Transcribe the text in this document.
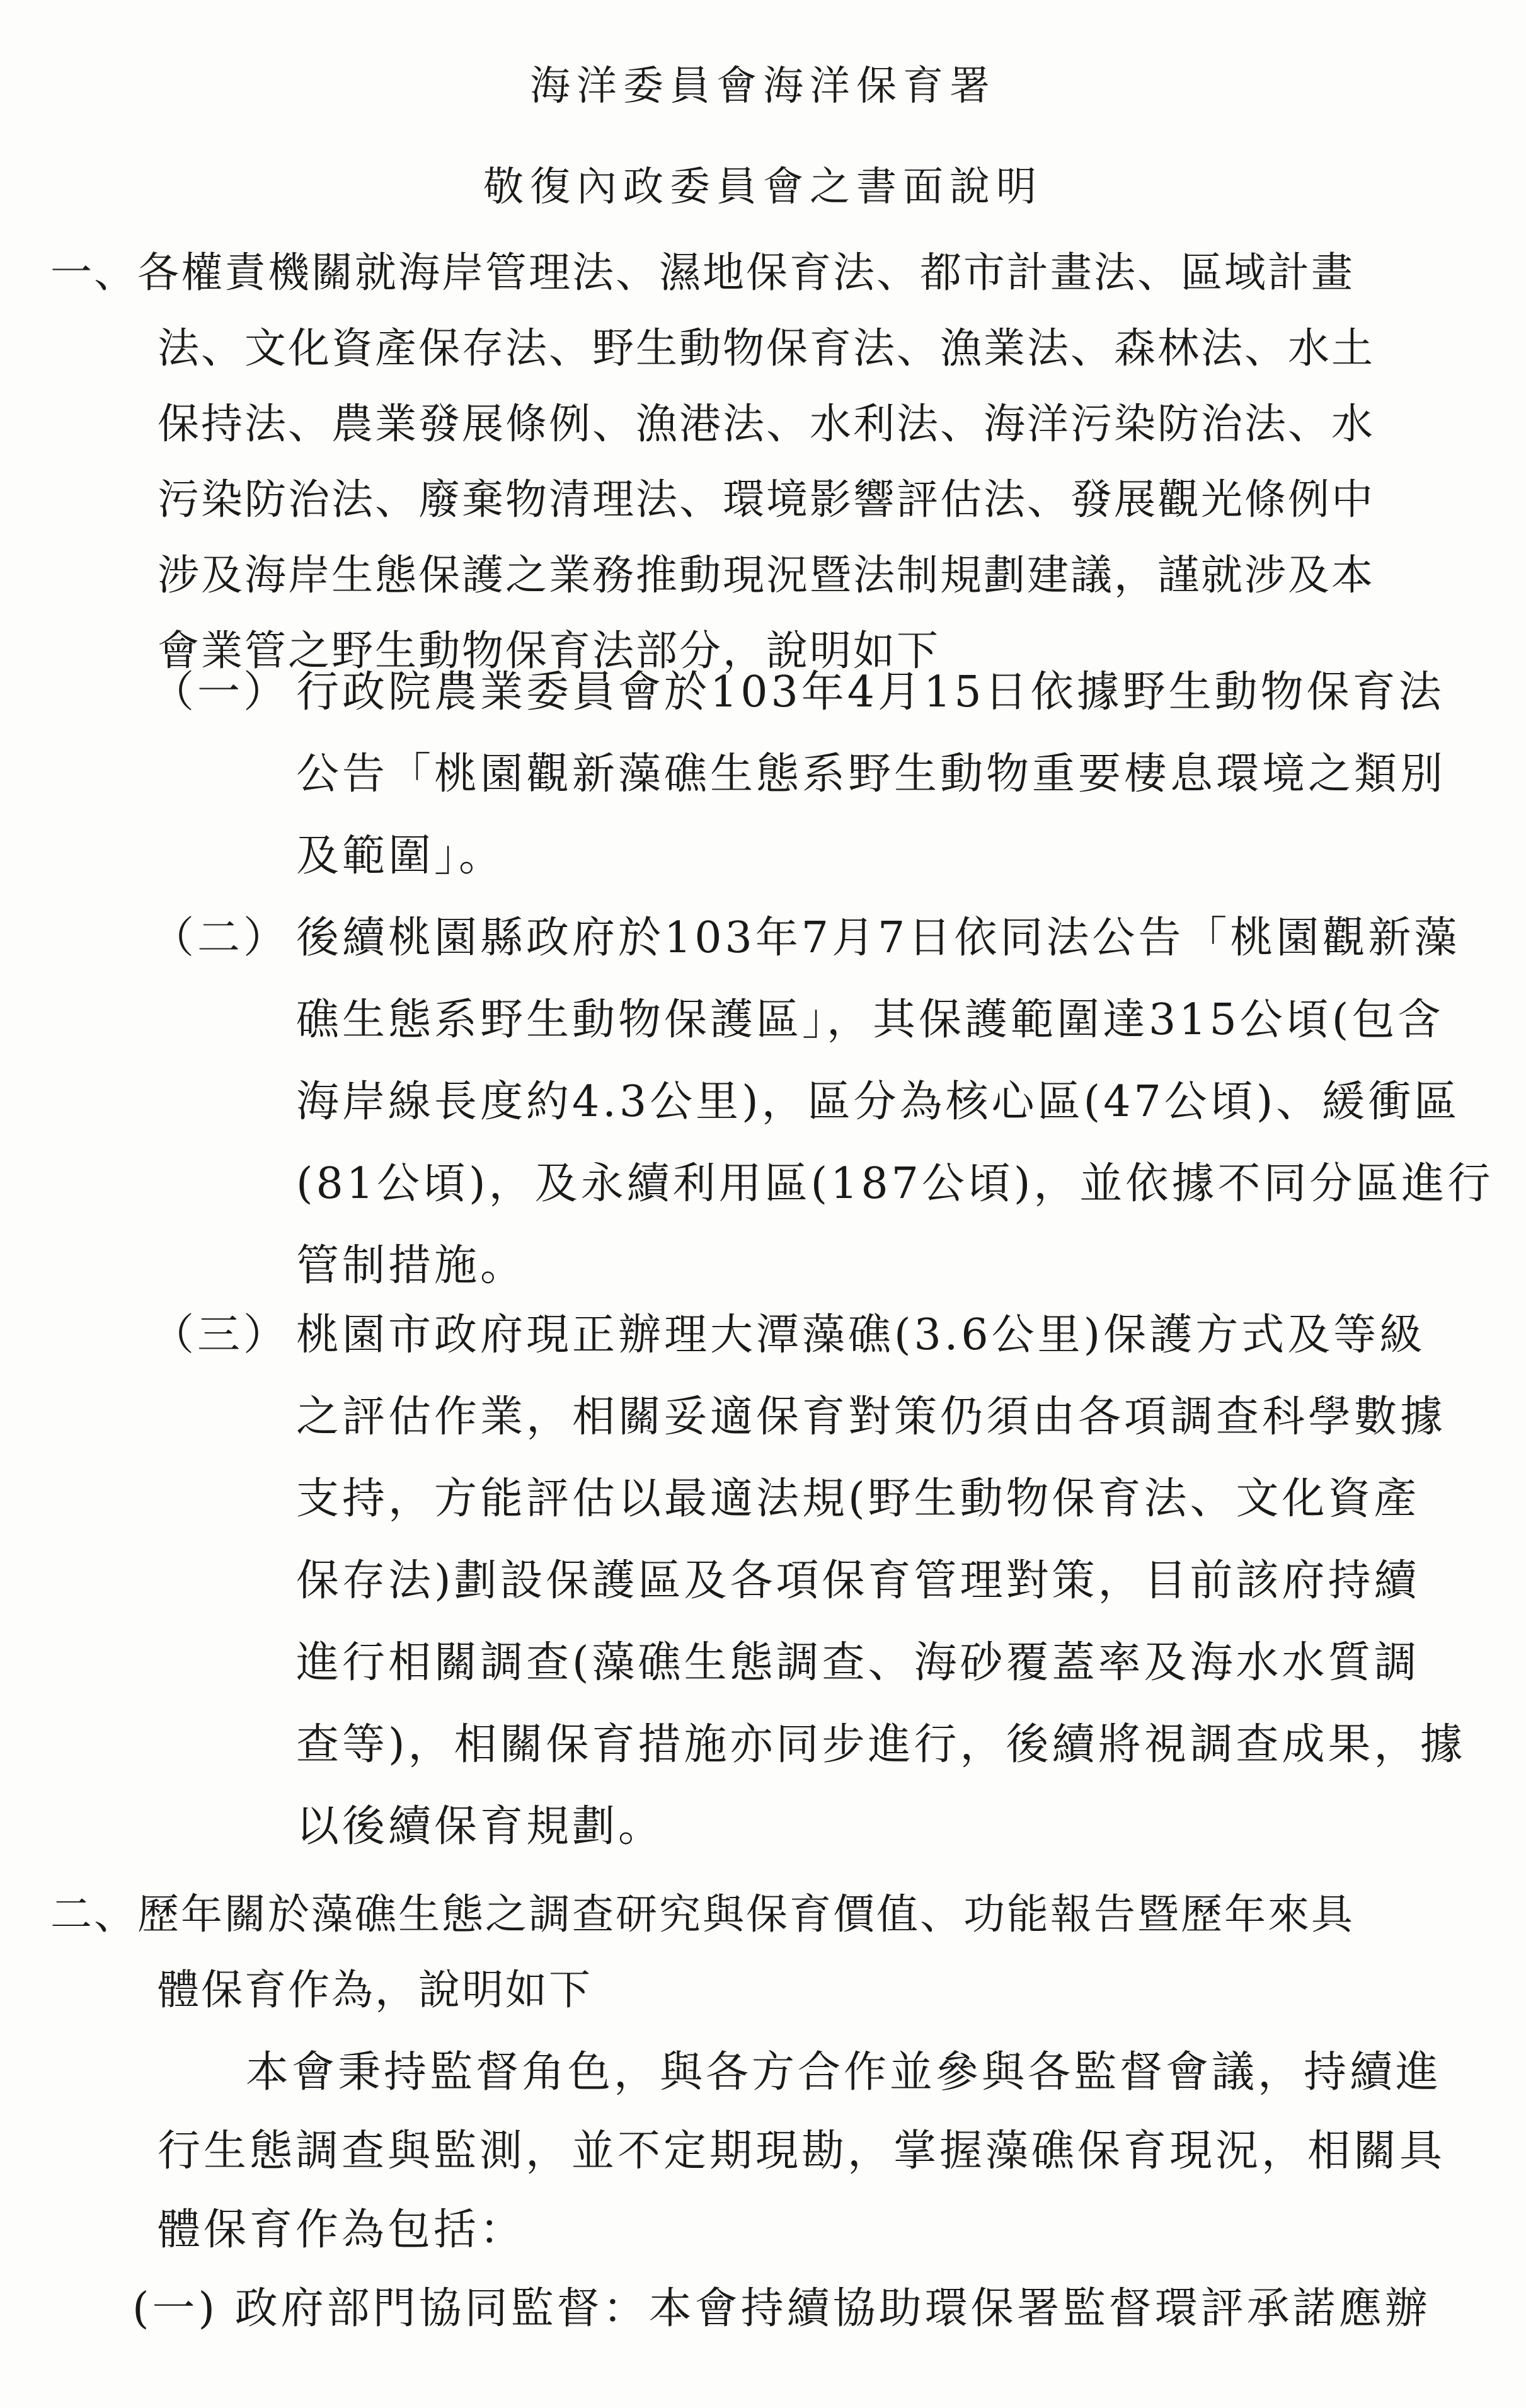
海洋委員會海洋保育署
敬復內政委員會之書面說明
一、各權責機關就海岸管理法、濕地保育法、都市計畫法、區域計畫
法、文化資產保存法、野生動物保育法、漁業法、森林法、水土
保持法、農業發展條例、漁港法、水利法、海洋污染防治法、水
污染防治法、廢棄物清理法、環境影響評估法、發展觀光條例中
涉及海岸生態保護之業務推動現況暨法制規劃建議，謹就涉及本
會業管之野生動物保育法部分，說明如下
（一） 行政院農業委員會於103年4月15日依據野生動物保育法
公告「桃園觀新藻礁生態系野生動物重要棲息環境之類別
及範圍」。
（二） 後續桃園縣政府於103年7月7日依同法公告「桃園觀新藻
礁生態系野生動物保護區」，其保護範圍達315公頃(包含
海岸線長度約4.3公里)，區分為核心區(47公頃)、緩衝區
(81公頃)，及永續利用區(187公頃)，並依據不同分區進行
管制措施。
（三） 桃園市政府現正辦理大潭藻礁(3.6公里)保護方式及等級
之評估作業，相關妥適保育對策仍須由各項調查科學數據
支持，方能評估以最適法規(野生動物保育法、文化資產
保存法)劃設保護區及各項保育管理對策，目前該府持續
進行相關調查(藻礁生態調查、海砂覆蓋率及海水水質調
查等)，相關保育措施亦同步進行，後續將視調查成果，據
以後續保育規劃。
二、歷年關於藻礁生態之調查研究與保育價值、功能報告暨歷年來具
體保育作為，說明如下
本會秉持監督角色，與各方合作並參與各監督會議，持續進
行生態調查與監測，並不定期現勘，掌握藻礁保育現況，相關具
體保育作為包括：
(一) 政府部門協同監督：本會持續協助環保署監督環評承諾應辦
